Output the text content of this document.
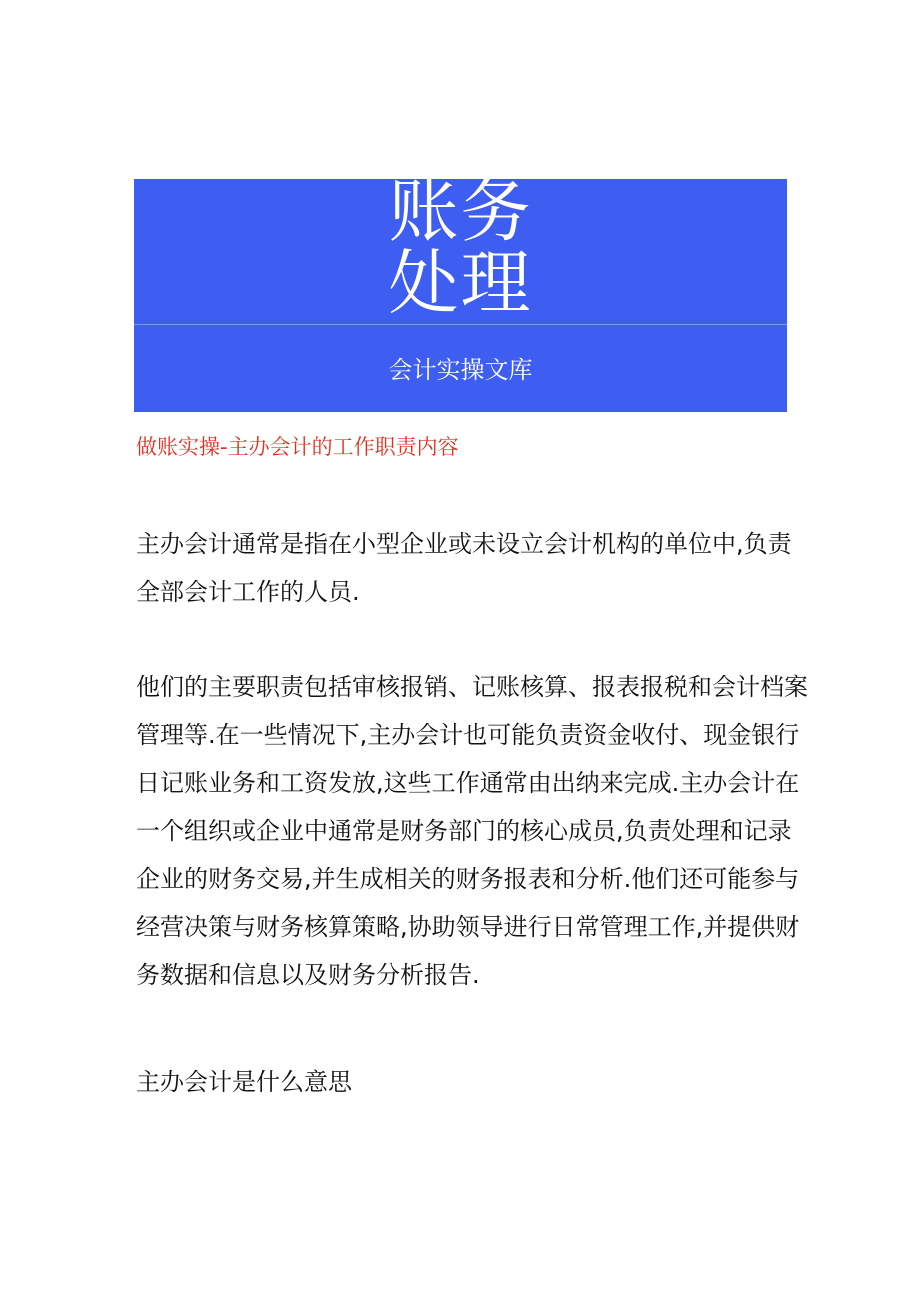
账务
处理
会计实操文库
做账实操-主办会计的工作职责内容

主办会计通常是指在小型企业或未设立会计机构的单位中,负责
全部会计工作的人员.

他们的主要职责包括审核报销、记账核算、报表报税和会计档案
管理等.在一些情况下,主办会计也可能负责资金收付、现金银行
日记账业务和工资发放,这些工作通常由出纳来完成.主办会计在
一个组织或企业中通常是财务部门的核心成员,负责处理和记录
企业的财务交易,并生成相关的财务报表和分析.他们还可能参与
经营决策与财务核算策略,协助领导进行日常管理工作,并提供财
务数据和信息以及财务分析报告.

主办会计是什么意思
